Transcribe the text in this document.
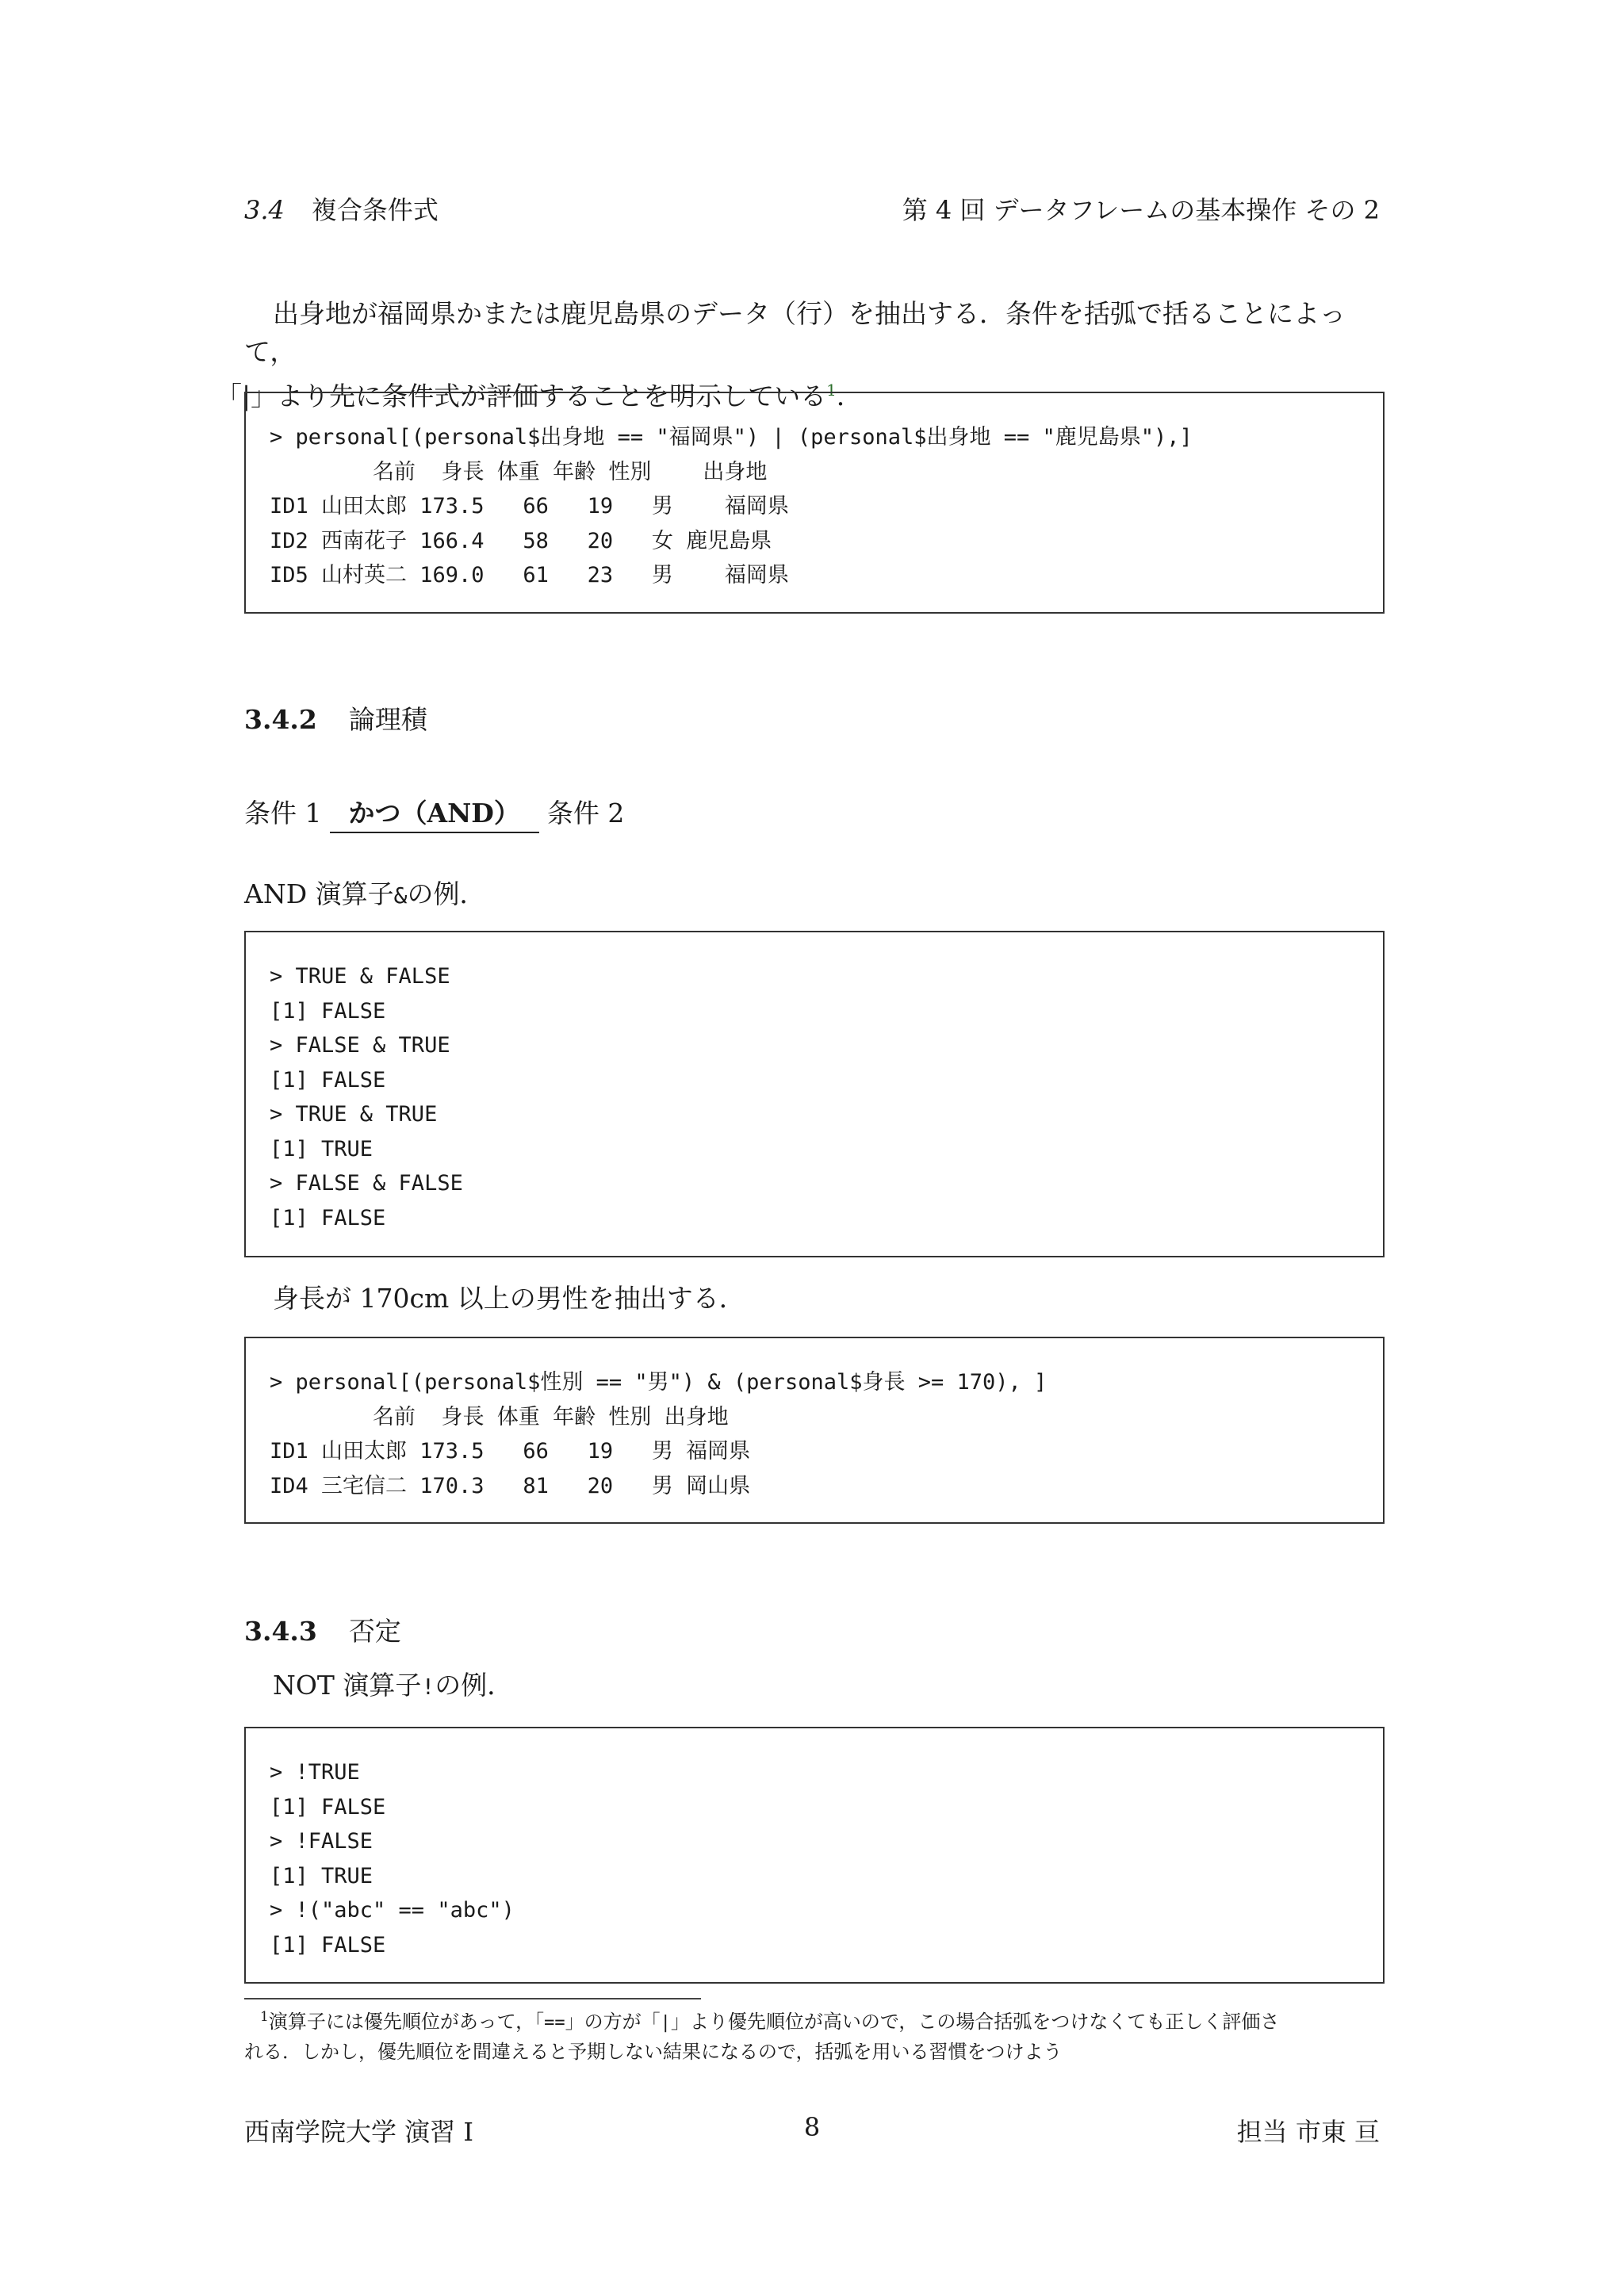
3.4 複合条件式	第 4 回 データフレームの基本操作 その 2
出身地が福岡県かまたは鹿児島県のデータ（行）を抽出する．条件を括弧で括ることによって，
「|」より先に条件式が評価することを明示している$^1$．
> personal[(personal$出身地 == "福岡県") | (personal$出身地 == "鹿児島県"),]
名前  身長 体重 年齢 性別    出身地
ID1 山田太郎 173.5   66   19   男    福岡県
ID2 西南花子 166.4   58   20   女 鹿児島県
ID5 山村英二 169.0   61   23   男    福岡県
3.4.2 論理積
条件 1 かつ（AND） 条件 2
AND 演算子&の例．
> TRUE & FALSE
[1] FALSE
> FALSE & TRUE
[1] FALSE
> TRUE & TRUE
[1] TRUE
> FALSE & FALSE
[1] FALSE
身長が 170cm 以上の男性を抽出する．
> personal[(personal$性別 == "男") & (personal$身長 >= 170), ]
名前  身長 体重 年齢 性別 出身地
ID1 山田太郎 173.5   66   19   男 福岡県
ID4 三宅信二 170.3   81   20   男 岡山県
3.4.3 否定
NOT 演算子!の例．
> !TRUE
[1] FALSE
> !FALSE
[1] TRUE
> !("abc" == "abc")
[1] FALSE
$^1$演算子には優先順位があって，「==」の方が「|」より優先順位が高いので，この場合括弧をつけなくても正しく評価さ
れる．しかし，優先順位を間違えると予期しない結果になるので，括弧を用いる習慣をつけよう
西南学院大学 演習 I	8	担当 市東 亘
